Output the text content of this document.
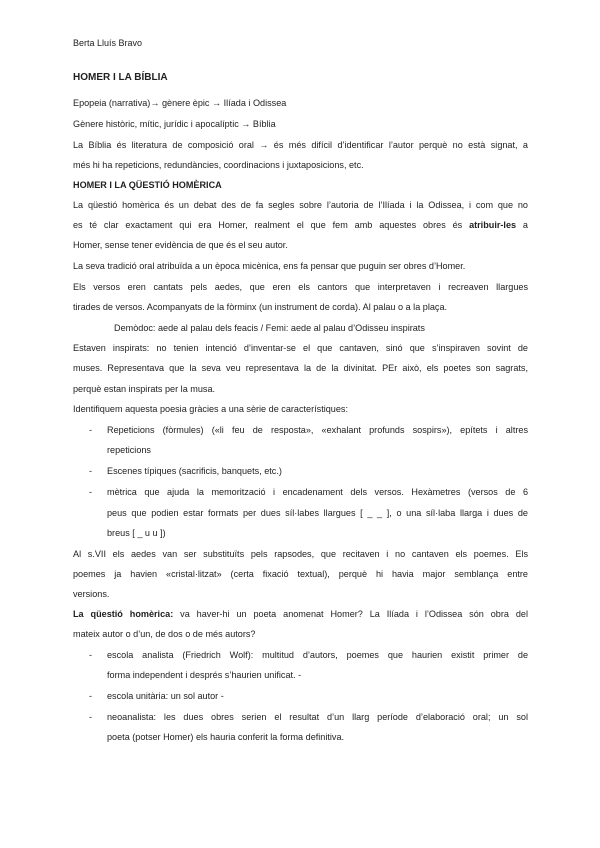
Berta Lluís Bravo
HOMER I LA BÍBLIA
Epopeia (narrativa)→ gènere èpic → Ilíada i Odissea
Gènere històric, mític, jurídic i apocalíptic → Bíblia
La Bíblia és literatura de composició oral → és més difícil d’identificar l’autor perquè no està signat, a
més hi ha repeticions, redundàncies, coordinacions i juxtaposicions, etc.
HOMER I LA QÜESTIÓ HOMÈRICA
La qüestió homèrica és un debat des de fa segles sobre l’autoria de l’Ilíada i la Odissea, i com que no
es té clar exactament qui era Homer, realment el que fem amb aquestes obres és atribuir-les a
Homer, sense tener evidència de que és el seu autor.
La seva tradició oral atribuïda a un època micènica, ens fa pensar que puguin ser obres d’Homer.
Els versos eren cantats pels aedes, que eren els cantors que interpretaven i recreaven llargues
tirades de versos. Acompanyats de la fòrminx (un instrument de corda). Al palau o a la plaça.
Demòdoc: aede al palau dels feacis / Femi: aede al palau d’Odisseu inspirats
Estaven inspirats: no tenien intenció d’inventar-se el que cantaven, sinó que s’inspiraven sovint de
muses. Representava que la seva veu representava la de la divinitat. PEr això, els poetes son sagrats,
perquè estan inspirats per la musa.
Identifiquem aquesta poesia gràcies a una sèrie de característiques:
- Repeticions (fòrmules) («li feu de resposta», «exhalant profunds sospirs»), epítets i altres
repeticions
- Escenes típiques (sacrificis, banquets, etc.)
- mètrica que ajuda la memorització i encadenament dels versos. Hexàmetres (versos de 6
peus que podien estar formats per dues síl·labes llargues [ _ _ ], o una síl·laba llarga i dues de
breus [ _ u u ])
Al s.VII els aedes van ser substituïts pels rapsodes, que recitaven i no cantaven els poemes. Els
poemes ja havien «cristal·litzat» (certa fixació textual), perquè hi havia major semblança entre
versions.
La qüestió homèrica: va haver-hi un poeta anomenat Homer? La Ilíada i l’Odissea són obra del
mateix autor o d’un, de dos o de més autors?
- escola analista (Friedrich Wolf): multitud d’autors, poemes que haurien existit primer de
forma independent i després s’haurien unificat. -
- escola unitària: un sol autor -
- neoanalista: les dues obres serien el resultat d’un llarg període d’elaboració oral; un sol
poeta (potser Homer) els hauria conferit la forma definitiva.
